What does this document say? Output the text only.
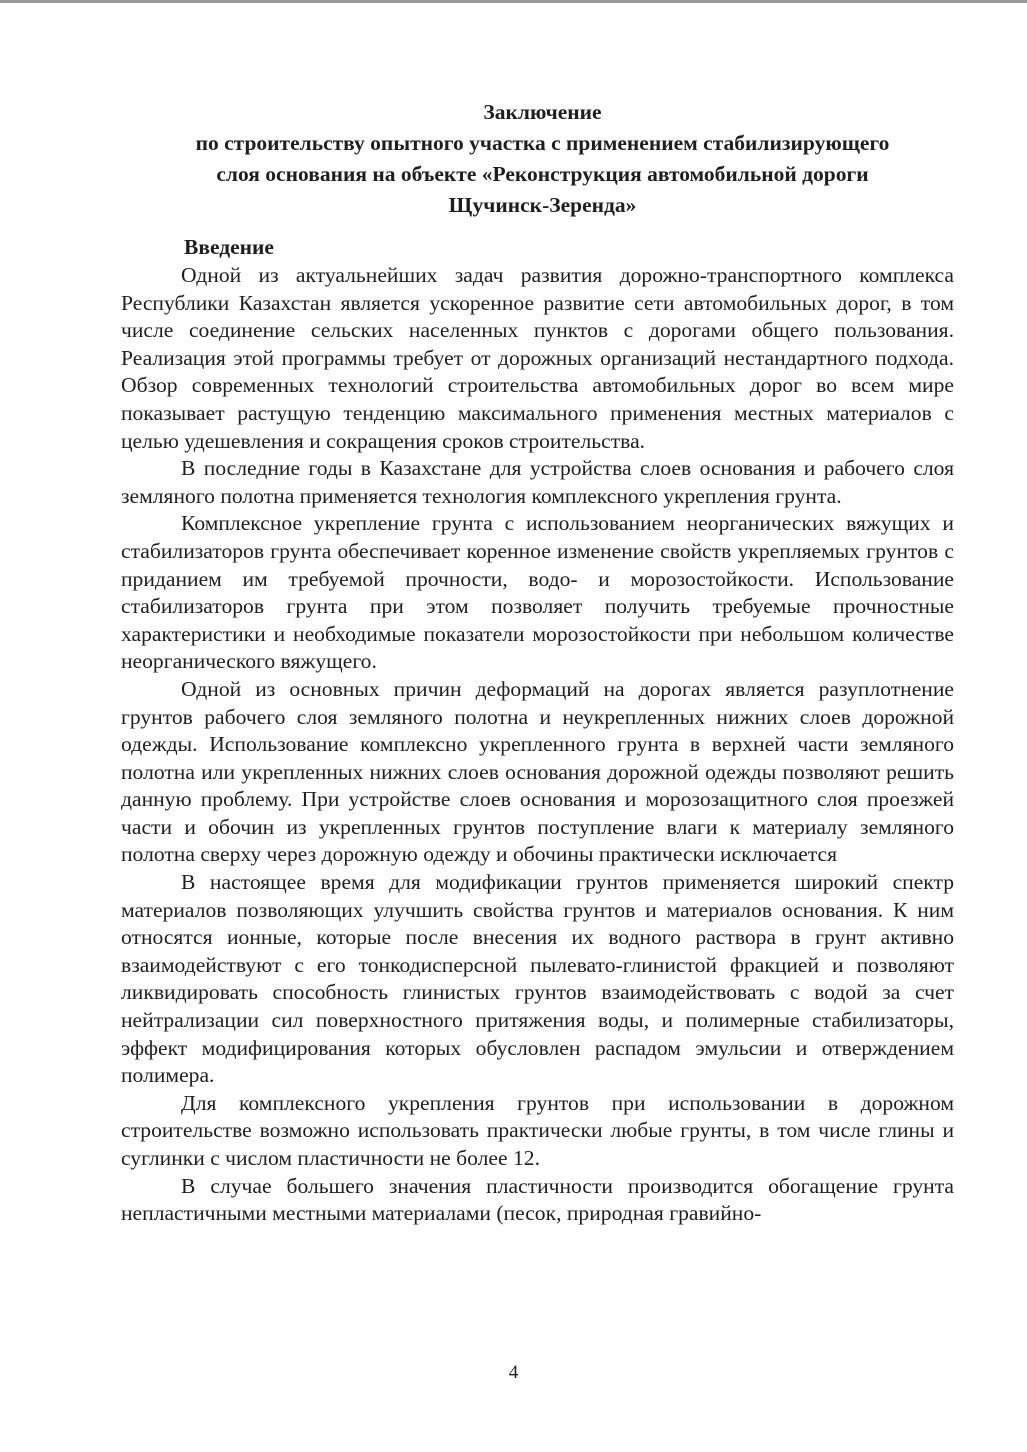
Заключение
по строительству опытного участка с применением стабилизирующего
слоя основания на объекте «Реконструкция автомобильной дороги
Щучинск-Зеренда»
Введение

Одной из актуальнейших задач развития дорожно-транспортного комплекса Республики Казахстан является ускоренное развитие сети автомобильных дорог, в том числе соединение сельских населенных пунктов с дорогами общего пользования. Реализация этой программы требует от дорожных организаций нестандартного подхода. Обзор современных технологий строительства автомобильных дорог во всем мире показывает растущую тенденцию максимального применения местных материалов с целью удешевления и сокращения сроков строительства.

В последние годы в Казахстане для устройства слоев основания и рабочего слоя земляного полотна применяется технология комплексного укрепления грунта.

Комплексное укрепление грунта с использованием неорганических вяжущих и стабилизаторов грунта обеспечивает коренное изменение свойств укрепляемых грунтов с приданием им требуемой прочности, водо- и морозостойкости. Использование стабилизаторов грунта при этом позволяет получить требуемые прочностные характеристики и необходимые показатели морозостойкости при небольшом количестве неорганического вяжущего.

Одной из основных причин деформаций на дорогах является разуплотнение грунтов рабочего слоя земляного полотна и неукрепленных нижних слоев дорожной одежды. Использование комплексно укрепленного грунта в верхней части земляного полотна или укрепленных нижних слоев основания дорожной одежды позволяют решить данную проблему. При устройстве слоев основания и морозозащитного слоя проезжей части и обочин из укрепленных грунтов поступление влаги к материалу земляного полотна сверху через дорожную одежду и обочины практически исключается

В настоящее время для модификации грунтов применяется широкий спектр материалов позволяющих улучшить свойства грунтов и материалов основания. К ним относятся ионные, которые после внесения их водного раствора в грунт активно взаимодействуют с его тонкодисперсной пылевато-глинистой фракцией и позволяют ликвидировать способность глинистых грунтов взаимодействовать с водой за счет нейтрализации сил поверхностного притяжения воды, и полимерные стабилизаторы, эффект модифицирования которых обусловлен распадом эмульсии и отверждением полимера.

Для комплексного укрепления грунтов при использовании в дорожном строительстве возможно использовать практически любые грунты, в том числе глины и суглинки с числом пластичности не более 12.

В случае большего значения пластичности производится обогащение грунта непластичными местными материалами (песок, природная гравийно-

4
